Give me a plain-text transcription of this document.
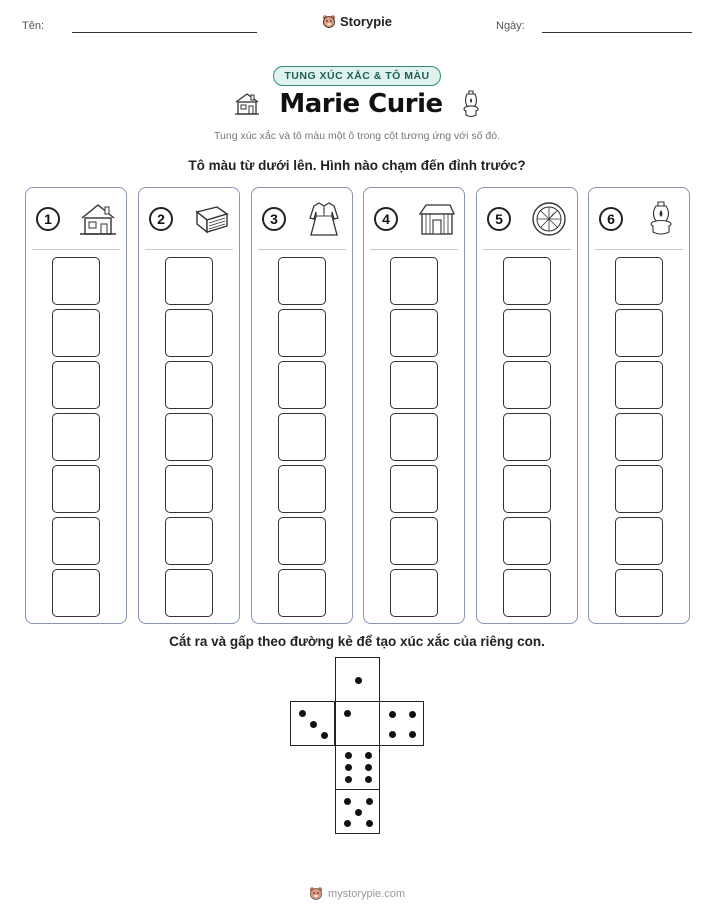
Tên:	Ngày:
Storypie
TUNG XÚC XẮC & TÔ MÀU
Marie Curie
Tung xúc xắc và tô màu một ô trong cột tương ứng với số đó.
Tô màu từ dưới lên. Hình nào chạm đến đỉnh trước?
1	2	3	4	5	6
Cắt ra và gấp theo đường kẻ để tạo xúc xắc của riêng con.
mystorypie.com
